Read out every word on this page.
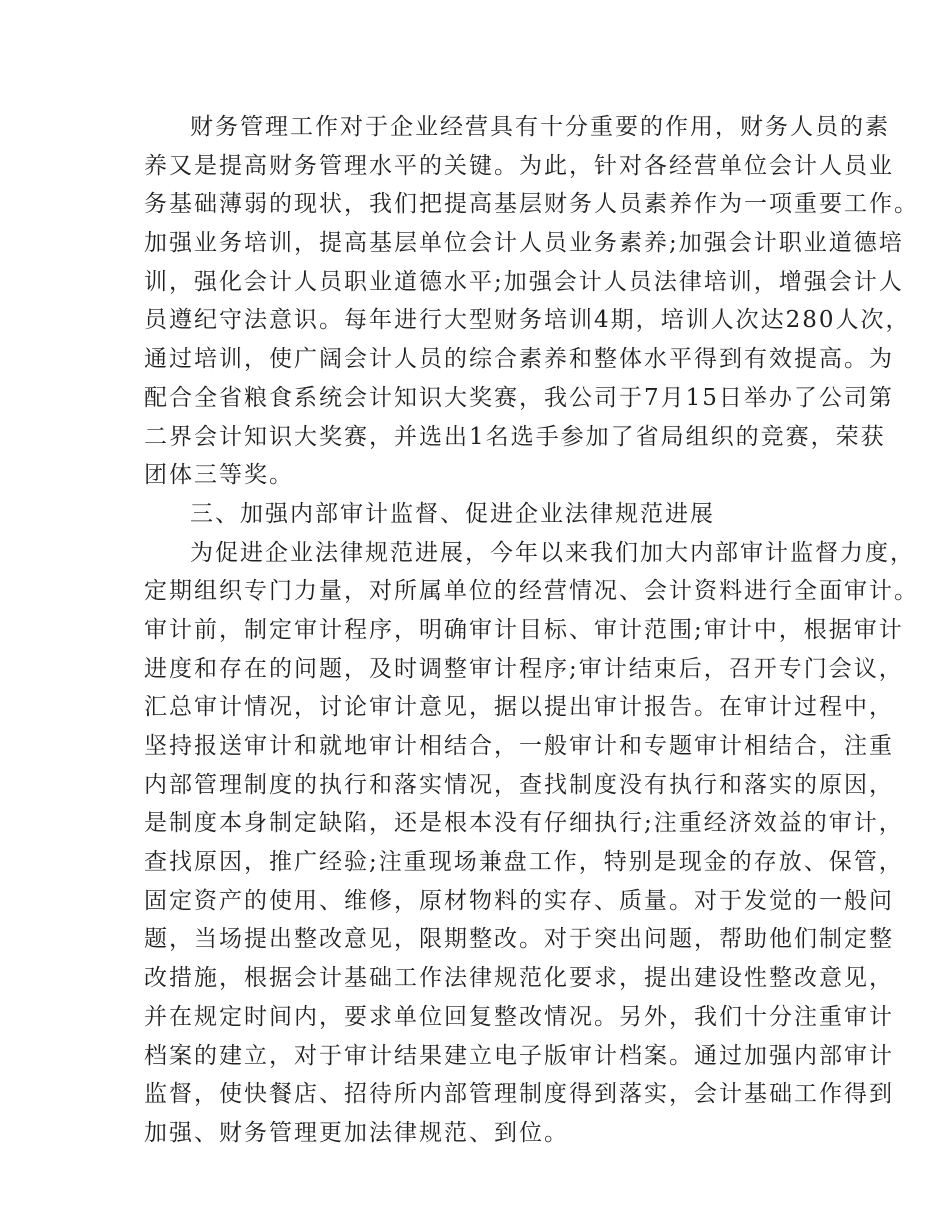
财务管理工作对于企业经营具有十分重要的作用，财务人员的素
养又是提高财务管理水平的关键。为此，针对各经营单位会计人员业
务基础薄弱的现状，我们把提高基层财务人员素养作为一项重要工作。
加强业务培训，提高基层单位会计人员业务素养;加强会计职业道德培
训，强化会计人员职业道德水平;加强会计人员法律培训，增强会计人
员遵纪守法意识。每年进行大型财务培训4期，培训人次达280人次，
通过培训，使广阔会计人员的综合素养和整体水平得到有效提高。为
配合全省粮食系统会计知识大奖赛，我公司于7月15日举办了公司第
二界会计知识大奖赛，并选出1名选手参加了省局组织的竞赛，荣获
团体三等奖。
三、加强内部审计监督、促进企业法律规范进展
为促进企业法律规范进展，今年以来我们加大内部审计监督力度，
定期组织专门力量，对所属单位的经营情况、会计资料进行全面审计。
审计前，制定审计程序，明确审计目标、审计范围;审计中，根据审计
进度和存在的问题，及时调整审计程序;审计结束后，召开专门会议，
汇总审计情况，讨论审计意见，据以提出审计报告。在审计过程中，
坚持报送审计和就地审计相结合，一般审计和专题审计相结合，注重
内部管理制度的执行和落实情况，查找制度没有执行和落实的原因，
是制度本身制定缺陷，还是根本没有仔细执行;注重经济效益的审计，
查找原因，推广经验;注重现场兼盘工作，特别是现金的存放、保管，
固定资产的使用、维修，原材物料的实存、质量。对于发觉的一般问
题，当场提出整改意见，限期整改。对于突出问题，帮助他们制定整
改措施，根据会计基础工作法律规范化要求，提出建设性整改意见，
并在规定时间内，要求单位回复整改情况。另外，我们十分注重审计
档案的建立，对于审计结果建立电子版审计档案。通过加强内部审计
监督，使快餐店、招待所内部管理制度得到落实，会计基础工作得到
加强、财务管理更加法律规范、到位。
